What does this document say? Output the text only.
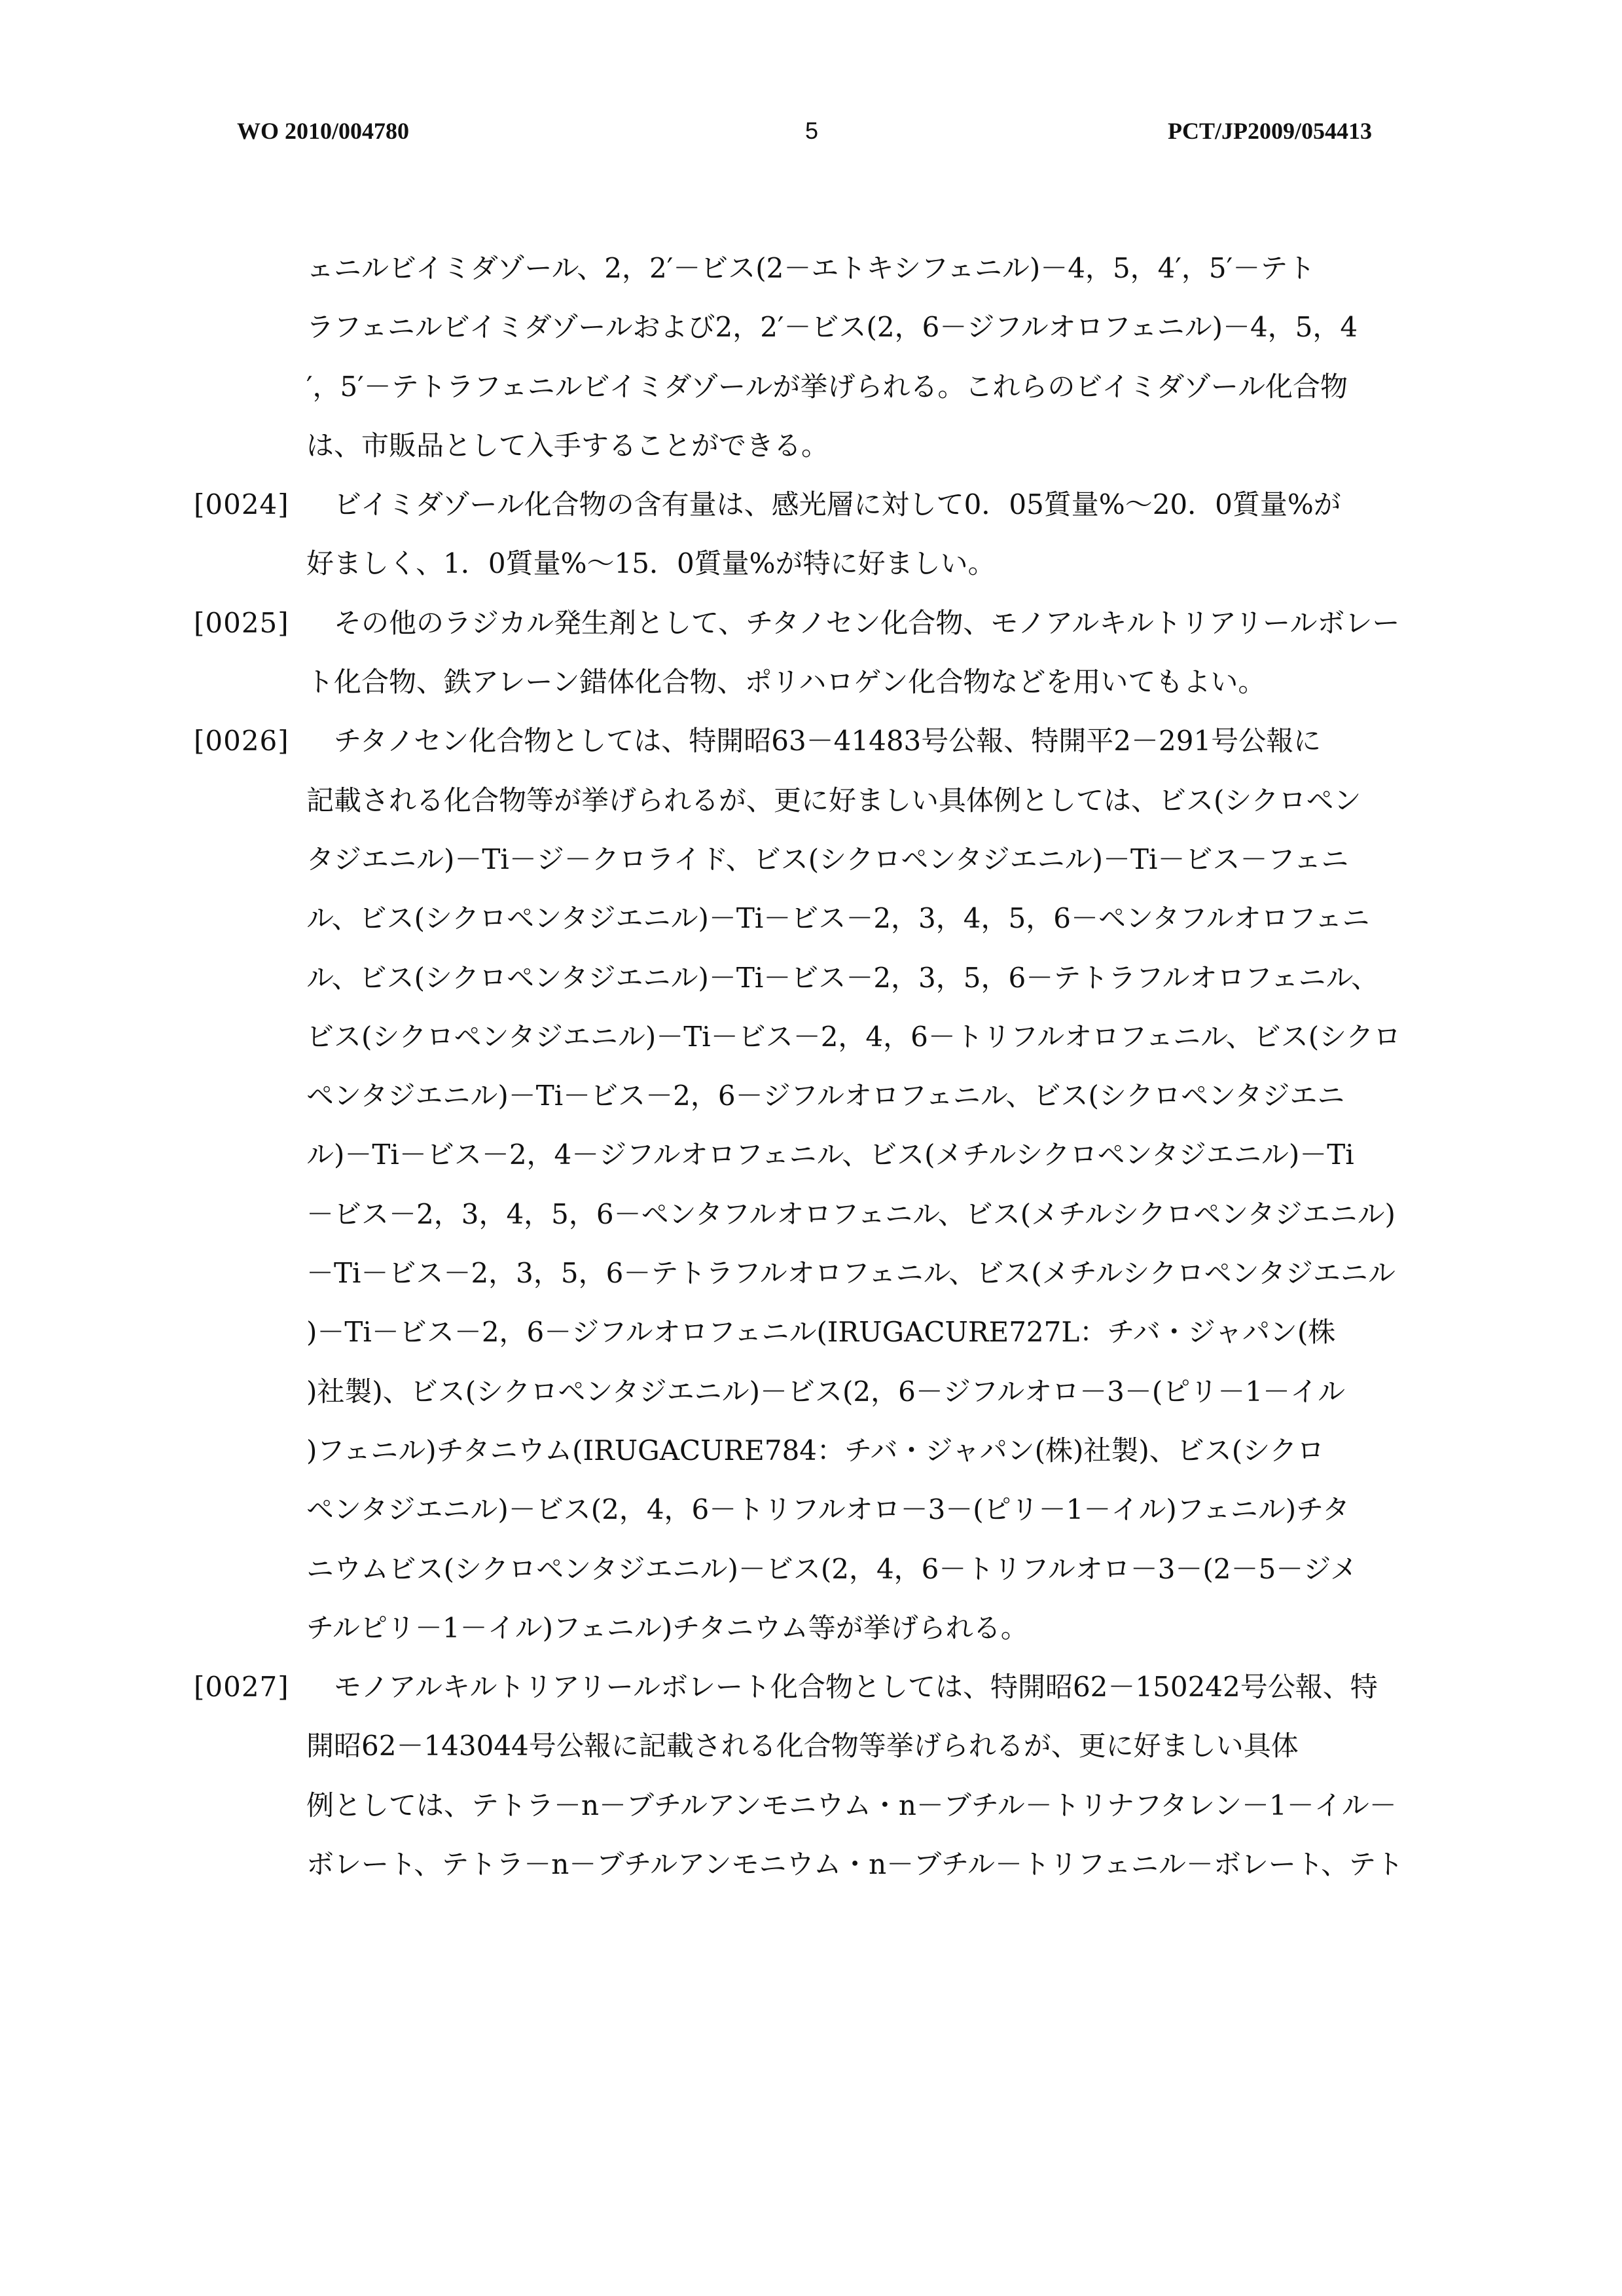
WO 2010/004780	5	PCT/JP2009/054413
ェニルビイミダゾール、2，2′－ビス(2－エトキシフェニル)－4，5，4′，5′－テト
ラフェニルビイミダゾールおよび2，2′－ビス(2，6－ジフルオロフェニル)－4，5，4
′，5′－テトラフェニルビイミダゾールが挙げられる。これらのビイミダゾール化合物
は、市販品として入手することができる。
[0024]	ビイミダゾール化合物の含有量は、感光層に対して0．05質量%～20．0質量%が
好ましく、1．0質量%～15．0質量%が特に好ましい。
[0025]	その他のラジカル発生剤として、チタノセン化合物、モノアルキルトリアリールボレー
ト化合物、鉄アレーン錯体化合物、ポリハロゲン化合物などを用いてもよい。
[0026]	チタノセン化合物としては、特開昭63－41483号公報、特開平2－291号公報に
記載される化合物等が挙げられるが、更に好ましい具体例としては、ビス(シクロペン
タジエニル)－Ti－ジ－クロライド、ビス(シクロペンタジエニル)－Ti－ビス－フェニ
ル、ビス(シクロペンタジエニル)－Ti－ビス－2，3，4，5，6－ペンタフルオロフェニ
ル、ビス(シクロペンタジエニル)－Ti－ビス－2，3，5，6－テトラフルオロフェニル、
ビス(シクロペンタジエニル)－Ti－ビス－2，4，6－トリフルオロフェニル、ビス(シクロ
ペンタジエニル)－Ti－ビス－2，6－ジフルオロフェニル、ビス(シクロペンタジエニ
ル)－Ti－ビス－2，4－ジフルオロフェニル、ビス(メチルシクロペンタジエニル)－Ti
－ビス－2，3，4，5，6－ペンタフルオロフェニル、ビス(メチルシクロペンタジエニル)
－Ti－ビス－2，3，5，6－テトラフルオロフェニル、ビス(メチルシクロペンタジエニル
)－Ti－ビス－2，6－ジフルオロフェニル(IRUGACURE727L：チバ・ジャパン(株
)社製)、ビス(シクロペンタジエニル)－ビス(2，6－ジフルオロ－3－(ピリ－1－イル
)フェニル)チタニウム(IRUGACURE784：チバ・ジャパン(株)社製)、ビス(シクロ
ペンタジエニル)－ビス(2，4，6－トリフルオロ－3－(ピリ－1－イル)フェニル)チタ
ニウムビス(シクロペンタジエニル)－ビス(2，4，6－トリフルオロ－3－(2－5－ジメ
チルピリ－1－イル)フェニル)チタニウム等が挙げられる。
[0027]	モノアルキルトリアリールボレート化合物としては、特開昭62－150242号公報、特
開昭62－143044号公報に記載される化合物等挙げられるが、更に好ましい具体
例としては、テトラ－n－ブチルアンモニウム・n－ブチル－トリナフタレン－1－イル－
ボレート、テトラ－n－ブチルアンモニウム・n－ブチル－トリフェニル－ボレート、テト
